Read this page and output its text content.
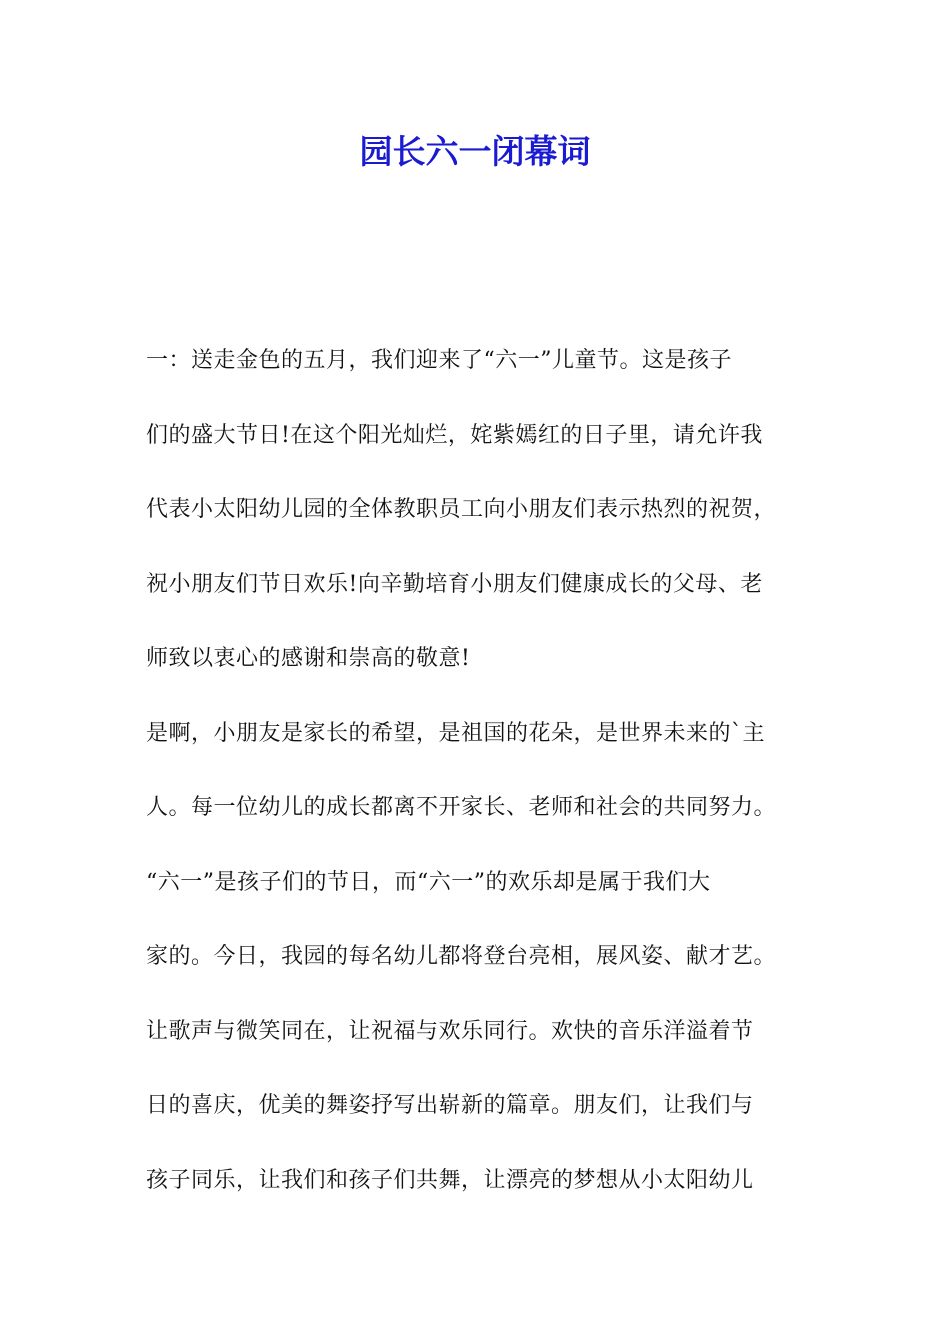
园长六一闭幕词
一：送走金色的五月，我们迎来了“六一”儿童节。这是孩子
们的盛大节日!在这个阳光灿烂，姹紫嫣红的日子里，请允许我
代表小太阳幼儿园的全体教职员工向小朋友们表示热烈的祝贺，
祝小朋友们节日欢乐!向辛勤培育小朋友们健康成长的父母、老
师致以衷心的感谢和崇高的敬意!
是啊，小朋友是家长的希望，是祖国的花朵，是世界未来的`主
人。每一位幼儿的成长都离不开家长、老师和社会的共同努力。
“六一”是孩子们的节日，而“六一”的欢乐却是属于我们大
家的。今日，我园的每名幼儿都将登台亮相，展风姿、献才艺。
让歌声与微笑同在，让祝福与欢乐同行。欢快的音乐洋溢着节
日的喜庆，优美的舞姿抒写出崭新的篇章。朋友们，让我们与
孩子同乐，让我们和孩子们共舞，让漂亮的梦想从小太阳幼儿
